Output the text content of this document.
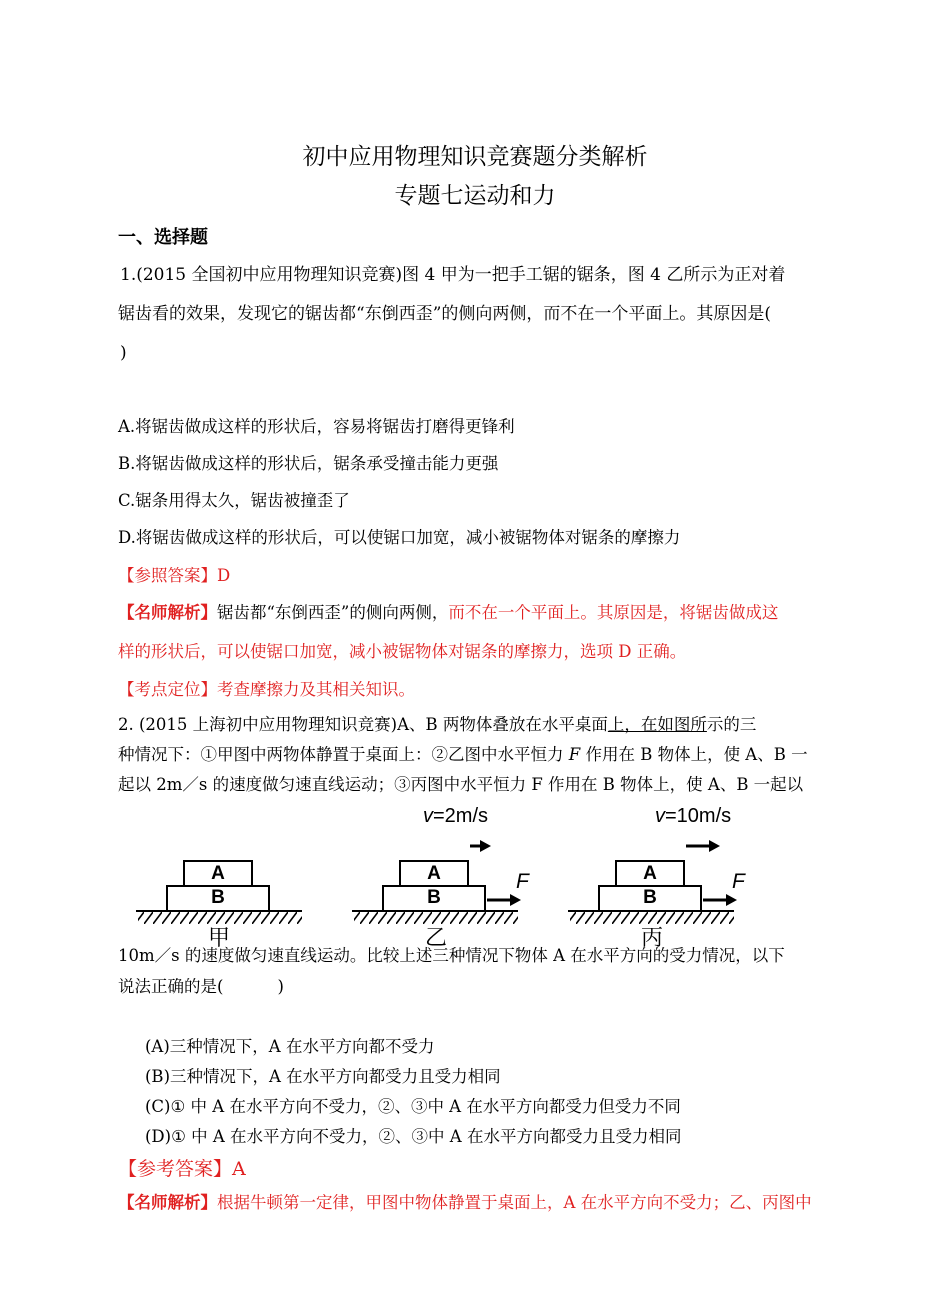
初中应用物理知识竞赛题分类解析
专题七运动和力
一、选择题
1.(2015 全国初中应用物理知识竞赛)图 4 甲为一把手工锯的锯条，图 4 乙所示为正对着
锯齿看的效果，发现它的锯齿都“东倒西歪”的侧向两侧，而不在一个平面上。其原因是(
)
A.将锯齿做成这样的形状后，容易将锯齿打磨得更锋利
B.将锯齿做成这样的形状后，锯条承受撞击能力更强
C.锯条用得太久，锯齿被撞歪了
D.将锯齿做成这样的形状后，可以使锯口加宽，减小被锯物体对锯条的摩擦力
【参照答案】D
【名师解析】锯齿都“东倒西歪”的侧向两侧，而不在一个平面上。其原因是，将锯齿做成这
样的形状后，可以使锯口加宽，减小被锯物体对锯条的摩擦力，选项 D 正确。
【考点定位】考查摩擦力及其相关知识。
2. (2015 上海初中应用物理知识竞赛)A、B 两物体叠放在水平桌面上，在如图所示的三
种情况下：①甲图中两物体静置于桌面上：②乙图中水平恒力 F 作用在 B 物体上，使 A、B 一
起以 2m／s 的速度做匀速直线运动；③丙图中水平恒力 F 作用在 B 物体上，使 A、B 一起以
v=2m/s	v=10m/s
A
B
甲
A
B
F
乙
A
B
F
丙
10m／s 的速度做匀速直线运动。比较上述三种情况下物体 A 在水平方向的受力情况，以下
说法正确的是(	)
(A)三种情况下，A 在水平方向都不受力
(B)三种情况下，A 在水平方向都受力且受力相同
(C)① 中 A 在水平方向不受力，②、③中 A 在水平方向都受力但受力不同
(D)① 中 A 在水平方向不受力，②、③中 A 在水平方向都受力且受力相同
【参考答案】A
【名师解析】根据牛顿第一定律，甲图中物体静置于桌面上，A 在水平方向不受力；乙、丙图中
